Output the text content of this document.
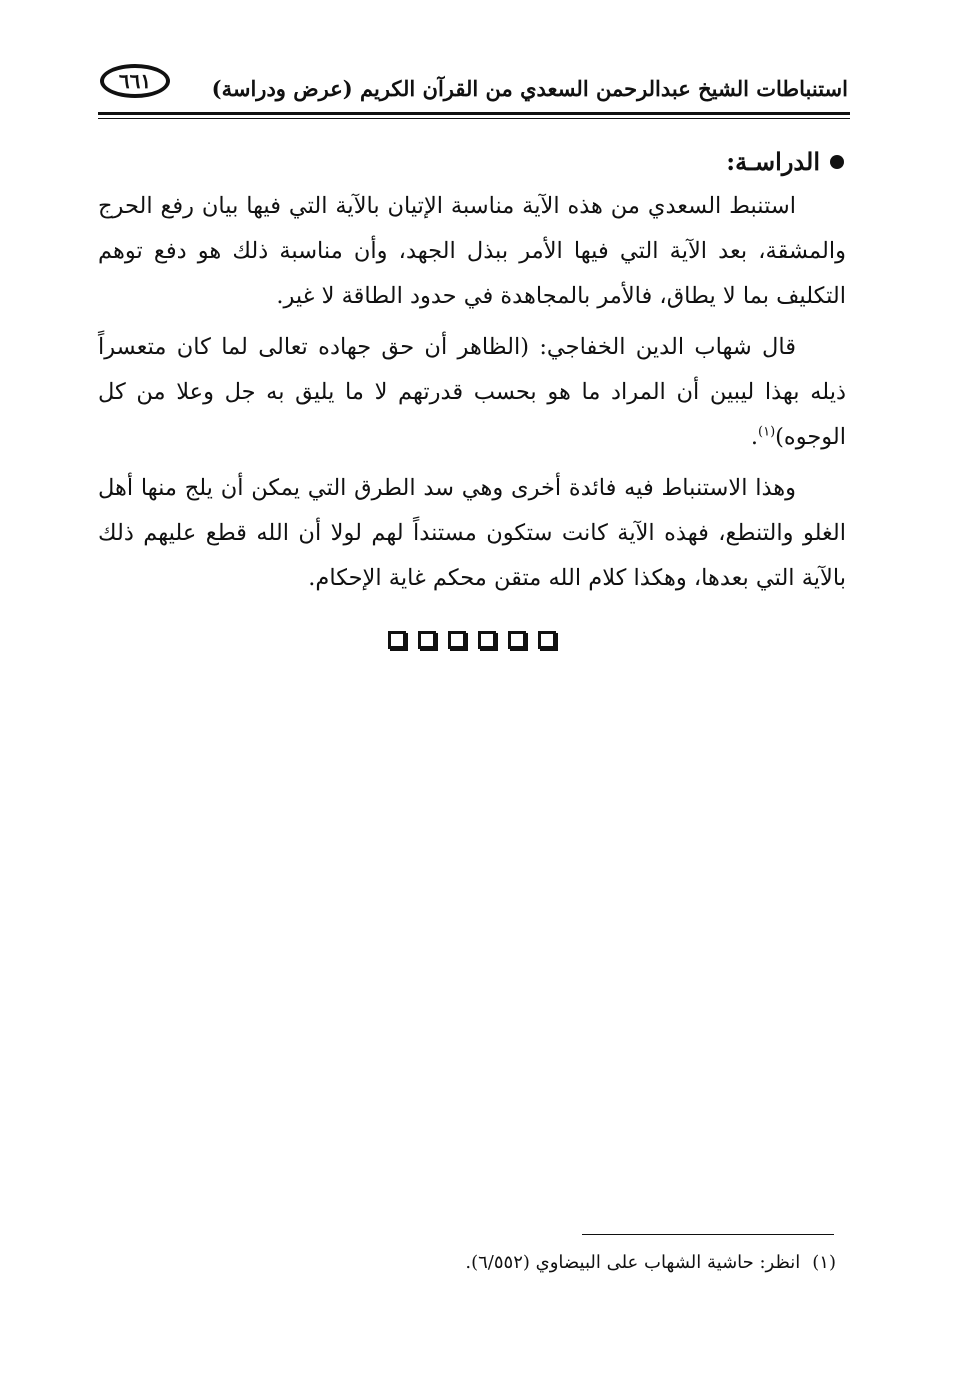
استنباطات الشيخ عبدالرحمن السعدي من القرآن الكريم (عرض ودراسة)
٦٦١
الدراسـة:

استنبط السعدي من هذه الآية مناسبة الإتيان بالآية التي فيها بيان رفع الحرج والمشقة، بعد الآية التي فيها الأمر ببذل الجهد، وأن مناسبة ذلك هو دفع توهم التكليف بما لا يطاق، فالأمر بالمجاهدة في حدود الطاقة لا غير.

قال شهاب الدين الخفاجي: (الظاهر أن حق جهاده تعالى لما كان متعسراً ذيله بهذا ليبين أن المراد ما هو بحسب قدرتهم لا ما يليق به جل وعلا من كل الوجوه)$^{(١)}$.

وهذا الاستنباط فيه فائدة أخرى وهي سد الطرق التي يمكن أن يلج منها أهل الغلو والتنطع، فهذه الآية كانت ستكون مستنداً لهم لولا أن الله قطع عليهم ذلك بالآية التي بعدها، وهكذا كلام الله متقن محكم غاية الإحكام.

(١)انظر: حاشية الشهاب على البيضاوي (٦/٥٥٢).
